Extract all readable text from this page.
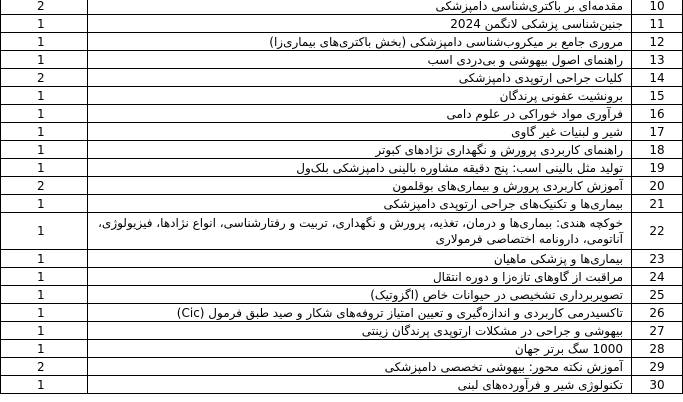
2	مقدمه‌ای بر باکتری‌شناسی دامپزشکی	10
1	جنین‌شناسی پزشکی لانگمن 2024	11
1	مروری جامع بر میکروب‌شناسی دامپزشکی (بخش باکتری‌های بیماری‌زا)	12
1	راهنمای اصول بیهوشی و بی‌دردی اسب	13
2	کلیات جراحی ارتوپدی دامپزشکی	14
1	برونشیت عفونی پرندگان	15
1	فرآوری مواد خوراکی در علوم دامی	16
1	شیر و لبنیات غیر گاوی	17
1	راهنمای کاربردی پرورش و نگهداری نژادهای کبوتر	18
1	تولید مثل بالینی اسب: پنج دقیقه مشاوره بالینی دامپزشکی بلک‌ول	19
2	آموزش کاربردی پرورش و بیماری‌های بوقلمون	20
1	بیماری‌ها و تکنیک‌های جراحی ارتوپدی دامپزشکی	21
1	خوکچه هندی: بیماری‌ها و درمان، تغذیه، پرورش و نگهداری، تربیت و رفتارشناسی، انواع نژادها، فیزیولوژی، آناتومی، دارونامه اختصاصی فرمولاری	22
1	بیماری‌ها و پزشکی ماهیان	23
1	مراقبت از گاوهای تازه‌زا و دوره انتقال	24
1	تصویربرداری تشخیصی در حیوانات خاص (اگزوتیک)	25
1	تاکسیدرمی کاربردی و اندازه‌گیری و تعیین امتیاز تروفه‌های شکار و صید طبق فرمول (Cic)	26
1	بیهوشی و جراحی در مشکلات ارتوپدی پرندگان زینتی	27
1	1000 سگ برتر جهان	28
2	آموزش نکته محور: بیهوشی تخصصی دامپزشکی	29
1	تکنولوژی شیر و فرآورده‌های لبنی	30
